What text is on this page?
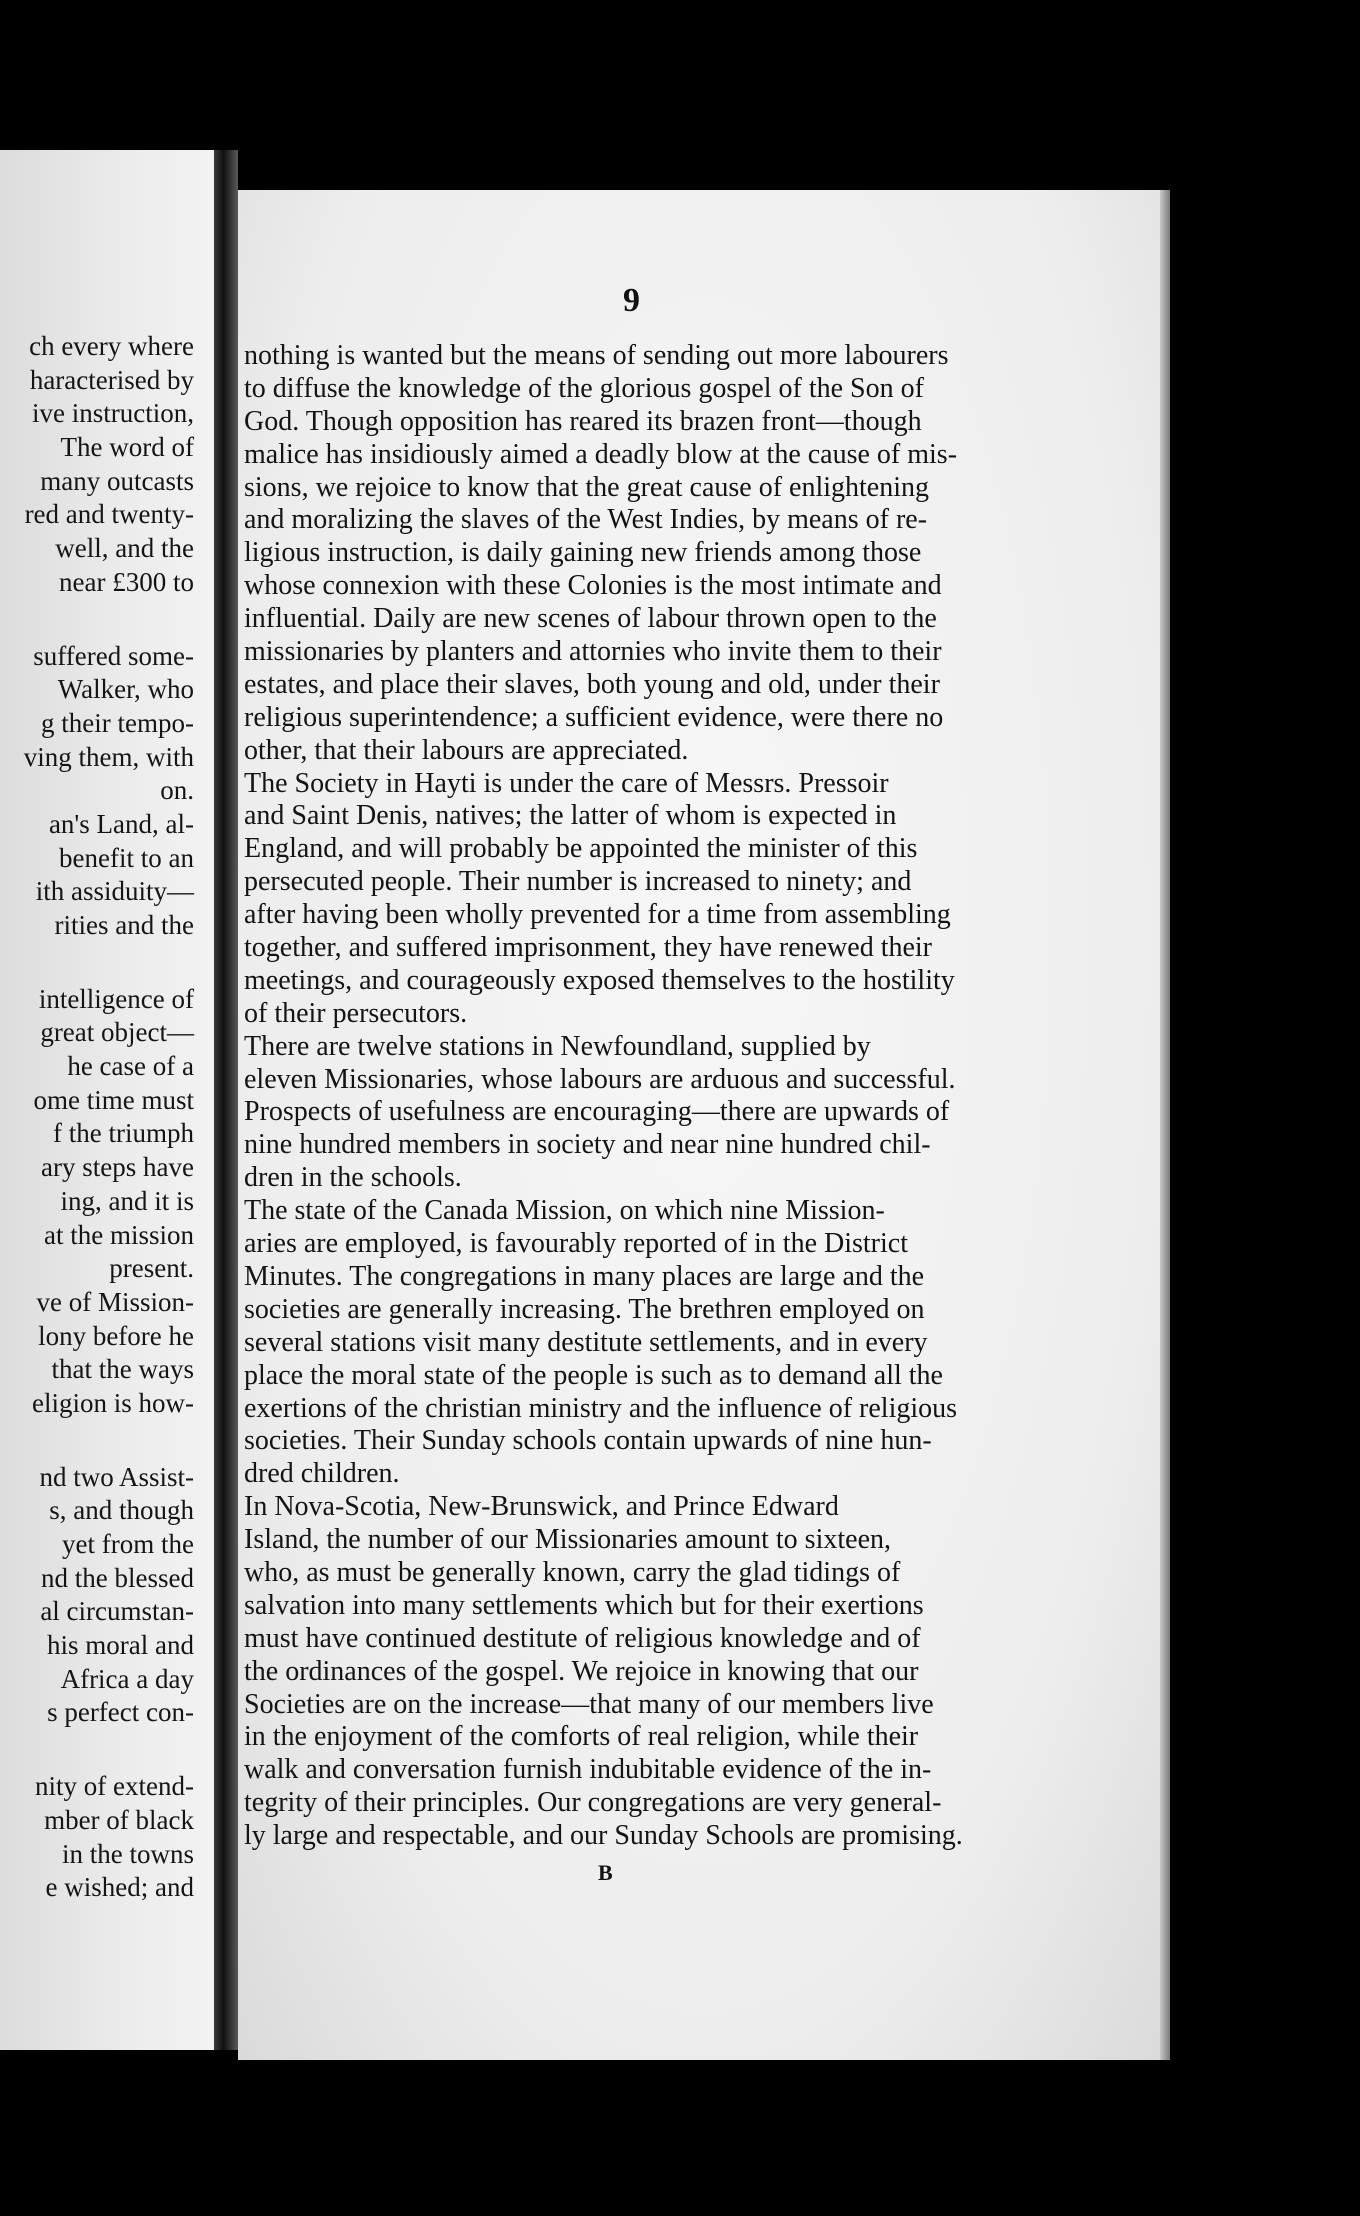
ch every where
haracterised by
ive instruction,
The word of
many outcasts
red and twenty-
well, and the
near £300 to
suffered some-
Walker, who
g their tempo-
ving them, with
on.
an's Land, al-
benefit to an
ith assiduity—
rities and the
intelligence of
great object—
he case of a
ome time must
f the triumph
ary steps have
ing, and it is
at the mission
present.
ve of Mission-
lony before he
that the ways
eligion is how-
nd two Assist-
s, and though
yet from the
nd the blessed
al circumstan-
his moral and
Africa a day
s perfect con-
nity of extend-
mber of black
in the towns
e wished; and
9
nothing is wanted but the means of sending out more labourers
to diffuse the knowledge of the glorious gospel of the Son of
God. Though opposition has reared its brazen front—though
malice has insidiously aimed a deadly blow at the cause of mis-
sions, we rejoice to know that the great cause of enlightening
and moralizing the slaves of the West Indies, by means of re-
ligious instruction, is daily gaining new friends among those
whose connexion with these Colonies is the most intimate and
influential. Daily are new scenes of labour thrown open to the
missionaries by planters and attornies who invite them to their
estates, and place their slaves, both young and old, under their
religious superintendence; a sufficient evidence, were there no
other, that their labours are appreciated.
The Society in Hayti is under the care of Messrs. Pressoir
and Saint Denis, natives; the latter of whom is expected in
England, and will probably be appointed the minister of this
persecuted people. Their number is increased to ninety; and
after having been wholly prevented for a time from assembling
together, and suffered imprisonment, they have renewed their
meetings, and courageously exposed themselves to the hostility
of their persecutors.
There are twelve stations in Newfoundland, supplied by
eleven Missionaries, whose labours are arduous and successful.
Prospects of usefulness are encouraging—there are upwards of
nine hundred members in society and near nine hundred chil-
dren in the schools.
The state of the Canada Mission, on which nine Mission-
aries are employed, is favourably reported of in the District
Minutes. The congregations in many places are large and the
societies are generally increasing. The brethren employed on
several stations visit many destitute settlements, and in every
place the moral state of the people is such as to demand all the
exertions of the christian ministry and the influence of religious
societies. Their Sunday schools contain upwards of nine hun-
dred children.
In Nova-Scotia, New-Brunswick, and Prince Edward
Island, the number of our Missionaries amount to sixteen,
who, as must be generally known, carry the glad tidings of
salvation into many settlements which but for their exertions
must have continued destitute of religious knowledge and of
the ordinances of the gospel. We rejoice in knowing that our
Societies are on the increase—that many of our members live
in the enjoyment of the comforts of real religion, while their
walk and conversation furnish indubitable evidence of the in-
tegrity of their principles. Our congregations are very general-
ly large and respectable, and our Sunday Schools are promising.
B
